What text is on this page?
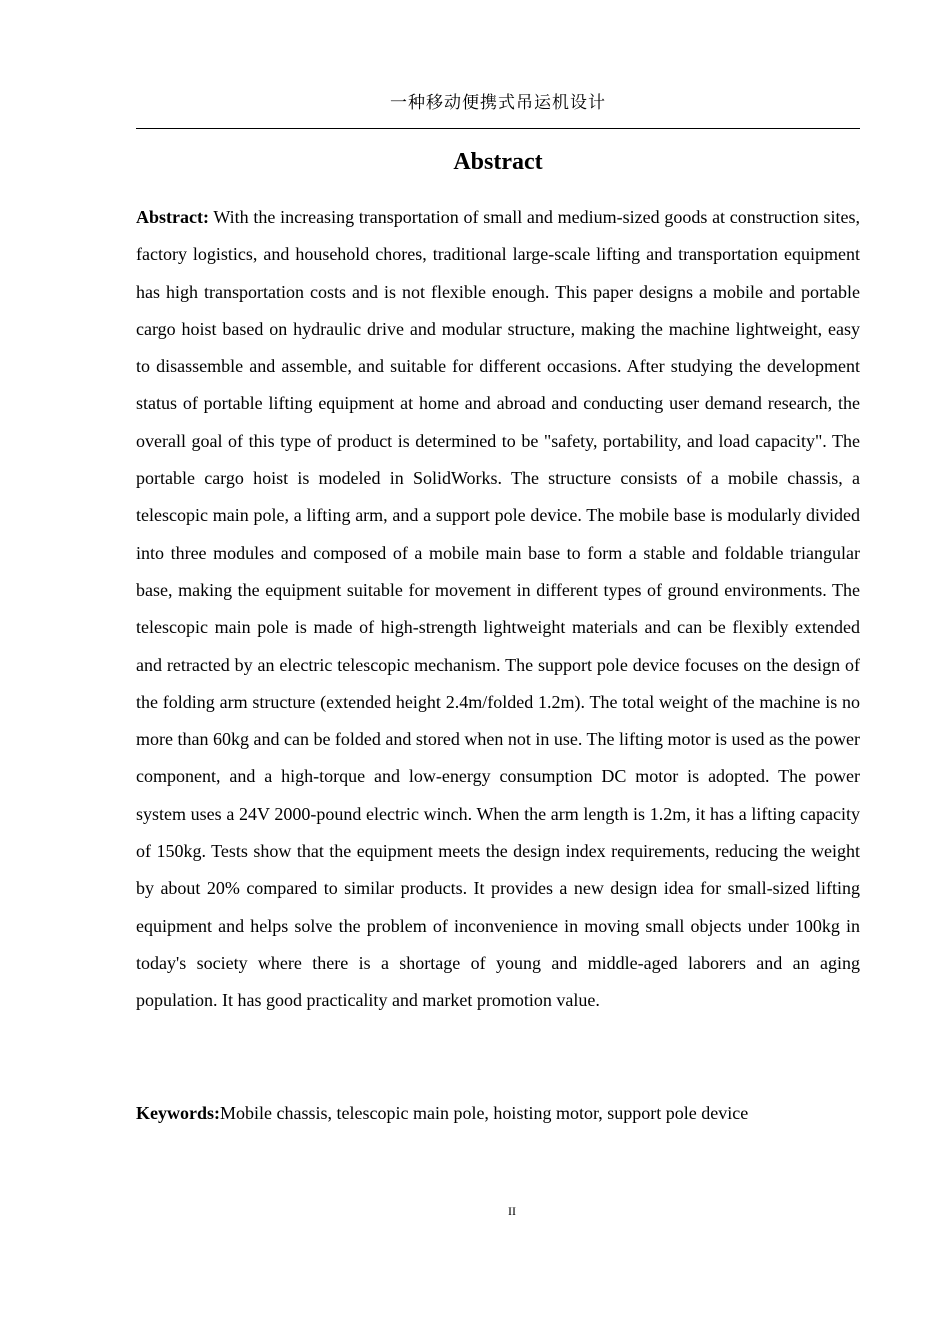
一种移动便携式吊运机设计
Abstract

Abstract: With the increasing transportation of small and medium-sized goods at construction sites, factory logistics, and household chores, traditional large-scale lifting and transportation equipment has high transportation costs and is not flexible enough. This paper designs a mobile and portable cargo hoist based on hydraulic drive and modular structure, making the machine lightweight, easy to disassemble and assemble, and suitable for different occasions. After studying the development status of portable lifting equipment at home and abroad and conducting user demand research, the overall goal of this type of product is determined to be "safety, portability, and load capacity". The portable cargo hoist is modeled in SolidWorks. The structure consists of a mobile chassis, a telescopic main pole, a lifting arm, and a support pole device. The mobile base is modularly divided into three modules and composed of a mobile main base to form a stable and foldable triangular base, making the equipment suitable for movement in different types of ground environments. The telescopic main pole is made of high-strength lightweight materials and can be flexibly extended and retracted by an electric telescopic mechanism. The support pole device focuses on the design of the folding arm structure (extended height 2.4m/folded 1.2m). The total weight of the machine is no more than 60kg and can be folded and stored when not in use. The lifting motor is used as the power component, and a high-torque and low-energy consumption DC motor is adopted. The power system uses a 24V 2000-pound electric winch. When the arm length is 1.2m, it has a lifting capacity of 150kg. Tests show that the equipment meets the design index requirements, reducing the weight by about 20% compared to similar products. It provides a new design idea for small-sized lifting equipment and helps solve the problem of inconvenience in moving small objects under 100kg in today's society where there is a shortage of young and middle-aged laborers and an aging population. It has good practicality and market promotion value.

Keywords:Mobile chassis, telescopic main pole, hoisting motor, support pole device

II
